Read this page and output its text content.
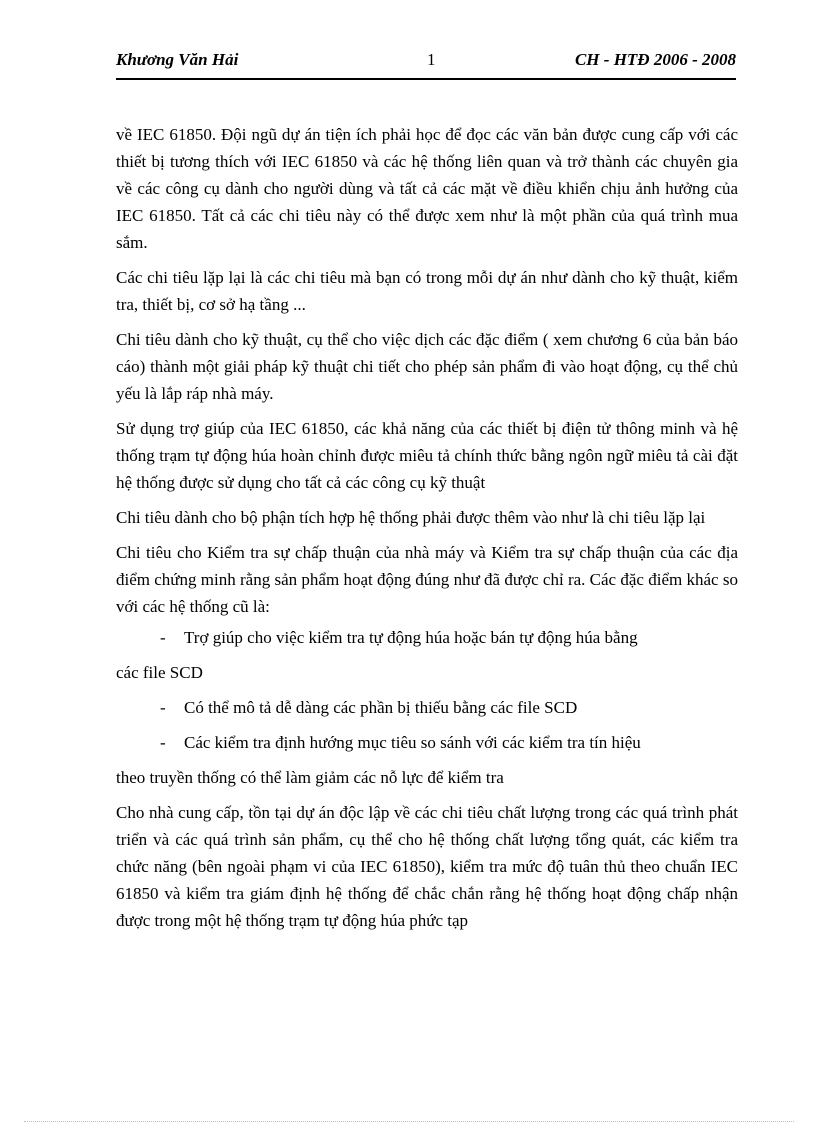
Khương Văn Hải	1	CH - HTĐ 2006 - 2008

về IEC 61850. Đội ngũ dự án tiện ích phải học để đọc các văn bản được cung cấp với các thiết bị tương thích với IEC 61850 và các hệ thống liên quan và trở thành các chuyên gia về các công cụ dành cho người dùng và tất cả các mặt về điều khiển chịu ảnh hưởng của IEC 61850. Tất cả các chi tiêu này có thể được xem như là một phần của quá trình mua sắm.

Các chi tiêu lặp lại là các chi tiêu mà bạn có trong mỗi dự án như dành cho kỹ thuật, kiểm tra, thiết bị, cơ sở hạ tầng ...

Chi tiêu dành cho kỹ thuật, cụ thể cho việc dịch các đặc điểm ( xem chương 6 của bản báo cáo) thành một giải pháp kỹ thuật chi tiết cho phép sản phẩm đi vào hoạt động, cụ thể chủ yếu là lắp ráp nhà máy.

Sử dụng trợ giúp của IEC 61850, các khả năng của các thiết bị điện tử thông minh và hệ thống trạm tự động húa hoàn chỉnh được miêu tả chính thức bằng ngôn ngữ miêu tả cài đặt hệ thống được sử dụng cho tất cả các công cụ kỹ thuật

Chi tiêu dành cho bộ phận tích hợp hệ thống phải được thêm vào như là chi tiêu lặp lại

Chi tiêu cho Kiểm tra sự chấp thuận của nhà máy và Kiểm tra sự chấp thuận của các địa điểm chứng minh rằng sản phẩm hoạt động đúng như đã được chỉ ra. Các đặc điểm khác so với các hệ thống cũ là:

- Trợ giúp cho việc kiểm tra tự động húa hoặc bán tự động húa bằng
các file SCD
- Có thể mô tả dễ dàng các phần bị thiếu bằng các file SCD
- Các kiểm tra định hướng mục tiêu so sánh với các kiểm tra tín hiệu
theo truyền thống có thể làm giảm các nỗ lực để kiểm tra

Cho nhà cung cấp, tồn tại dự án độc lập về các chi tiêu chất lượng trong các quá trình phát triển và các quá trình sản phẩm, cụ thể cho hệ thống chất lượng tổng quát, các kiểm tra chức năng (bên ngoài phạm vi của IEC 61850), kiểm tra mức độ tuân thủ theo chuẩn IEC 61850 và kiểm tra giám định hệ thống để chắc chắn rằng hệ thống hoạt động chấp nhận được trong một hệ thống trạm tự động húa phức tạp
